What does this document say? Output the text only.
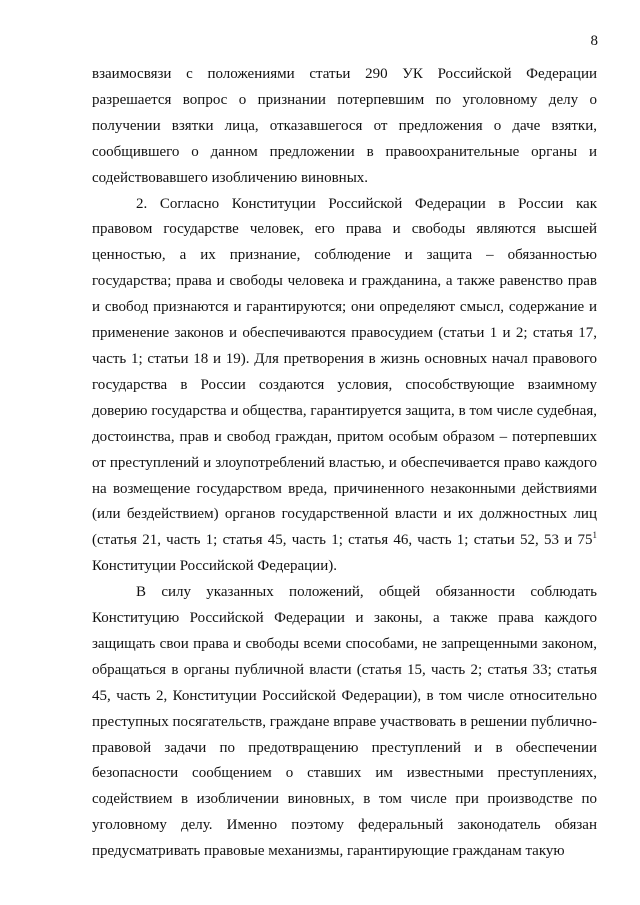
8

взаимосвязи с положениями статьи 290 УК Российской Федерации разрешается вопрос о признании потерпевшим по уголовному делу о получении взятки лица, отказавшегося от предложения о даче взятки, сообщившего о данном предложении в правоохранительные органы и содействовавшего изобличению виновных.

2. Согласно Конституции Российской Федерации в России как правовом государстве человек, его права и свободы являются высшей ценностью, а их признание, соблюдение и защита – обязанностью государства; права и свободы человека и гражданина, а также равенство прав и свобод признаются и гарантируются; они определяют смысл, содержание и применение законов и обеспечиваются правосудием (статьи 1 и 2; статья 17, часть 1; статьи 18 и 19). Для претворения в жизнь основных начал правового государства в России создаются условия, способствующие взаимному доверию государства и общества, гарантируется защита, в том числе судебная, достоинства, прав и свобод граждан, притом особым образом – потерпевших от преступлений и злоупотреблений властью, и обеспечивается право каждого на возмещение государством вреда, причиненного незаконными действиями (или бездействием) органов государственной власти и их должностных лиц (статья 21, часть 1; статья 45, часть 1; статья 46, часть 1; статьи 52, 53 и $75^1$ Конституции Российской Федерации).

В силу указанных положений, общей обязанности соблюдать Конституцию Российской Федерации и законы, а также права каждого защищать свои права и свободы всеми способами, не запрещенными законом, обращаться в органы публичной власти (статья 15, часть 2; статья 33; статья 45, часть 2, Конституции Российской Федерации), в том числе относительно преступных посягательств, граждане вправе участвовать в решении публично-правовой задачи по предотвращению преступлений и в обеспечении безопасности сообщением о ставших им известными преступлениях, содействием в изобличении виновных, в том числе при производстве по уголовному делу. Именно поэтому федеральный законодатель обязан предусматривать правовые механизмы, гарантирующие гражданам такую
